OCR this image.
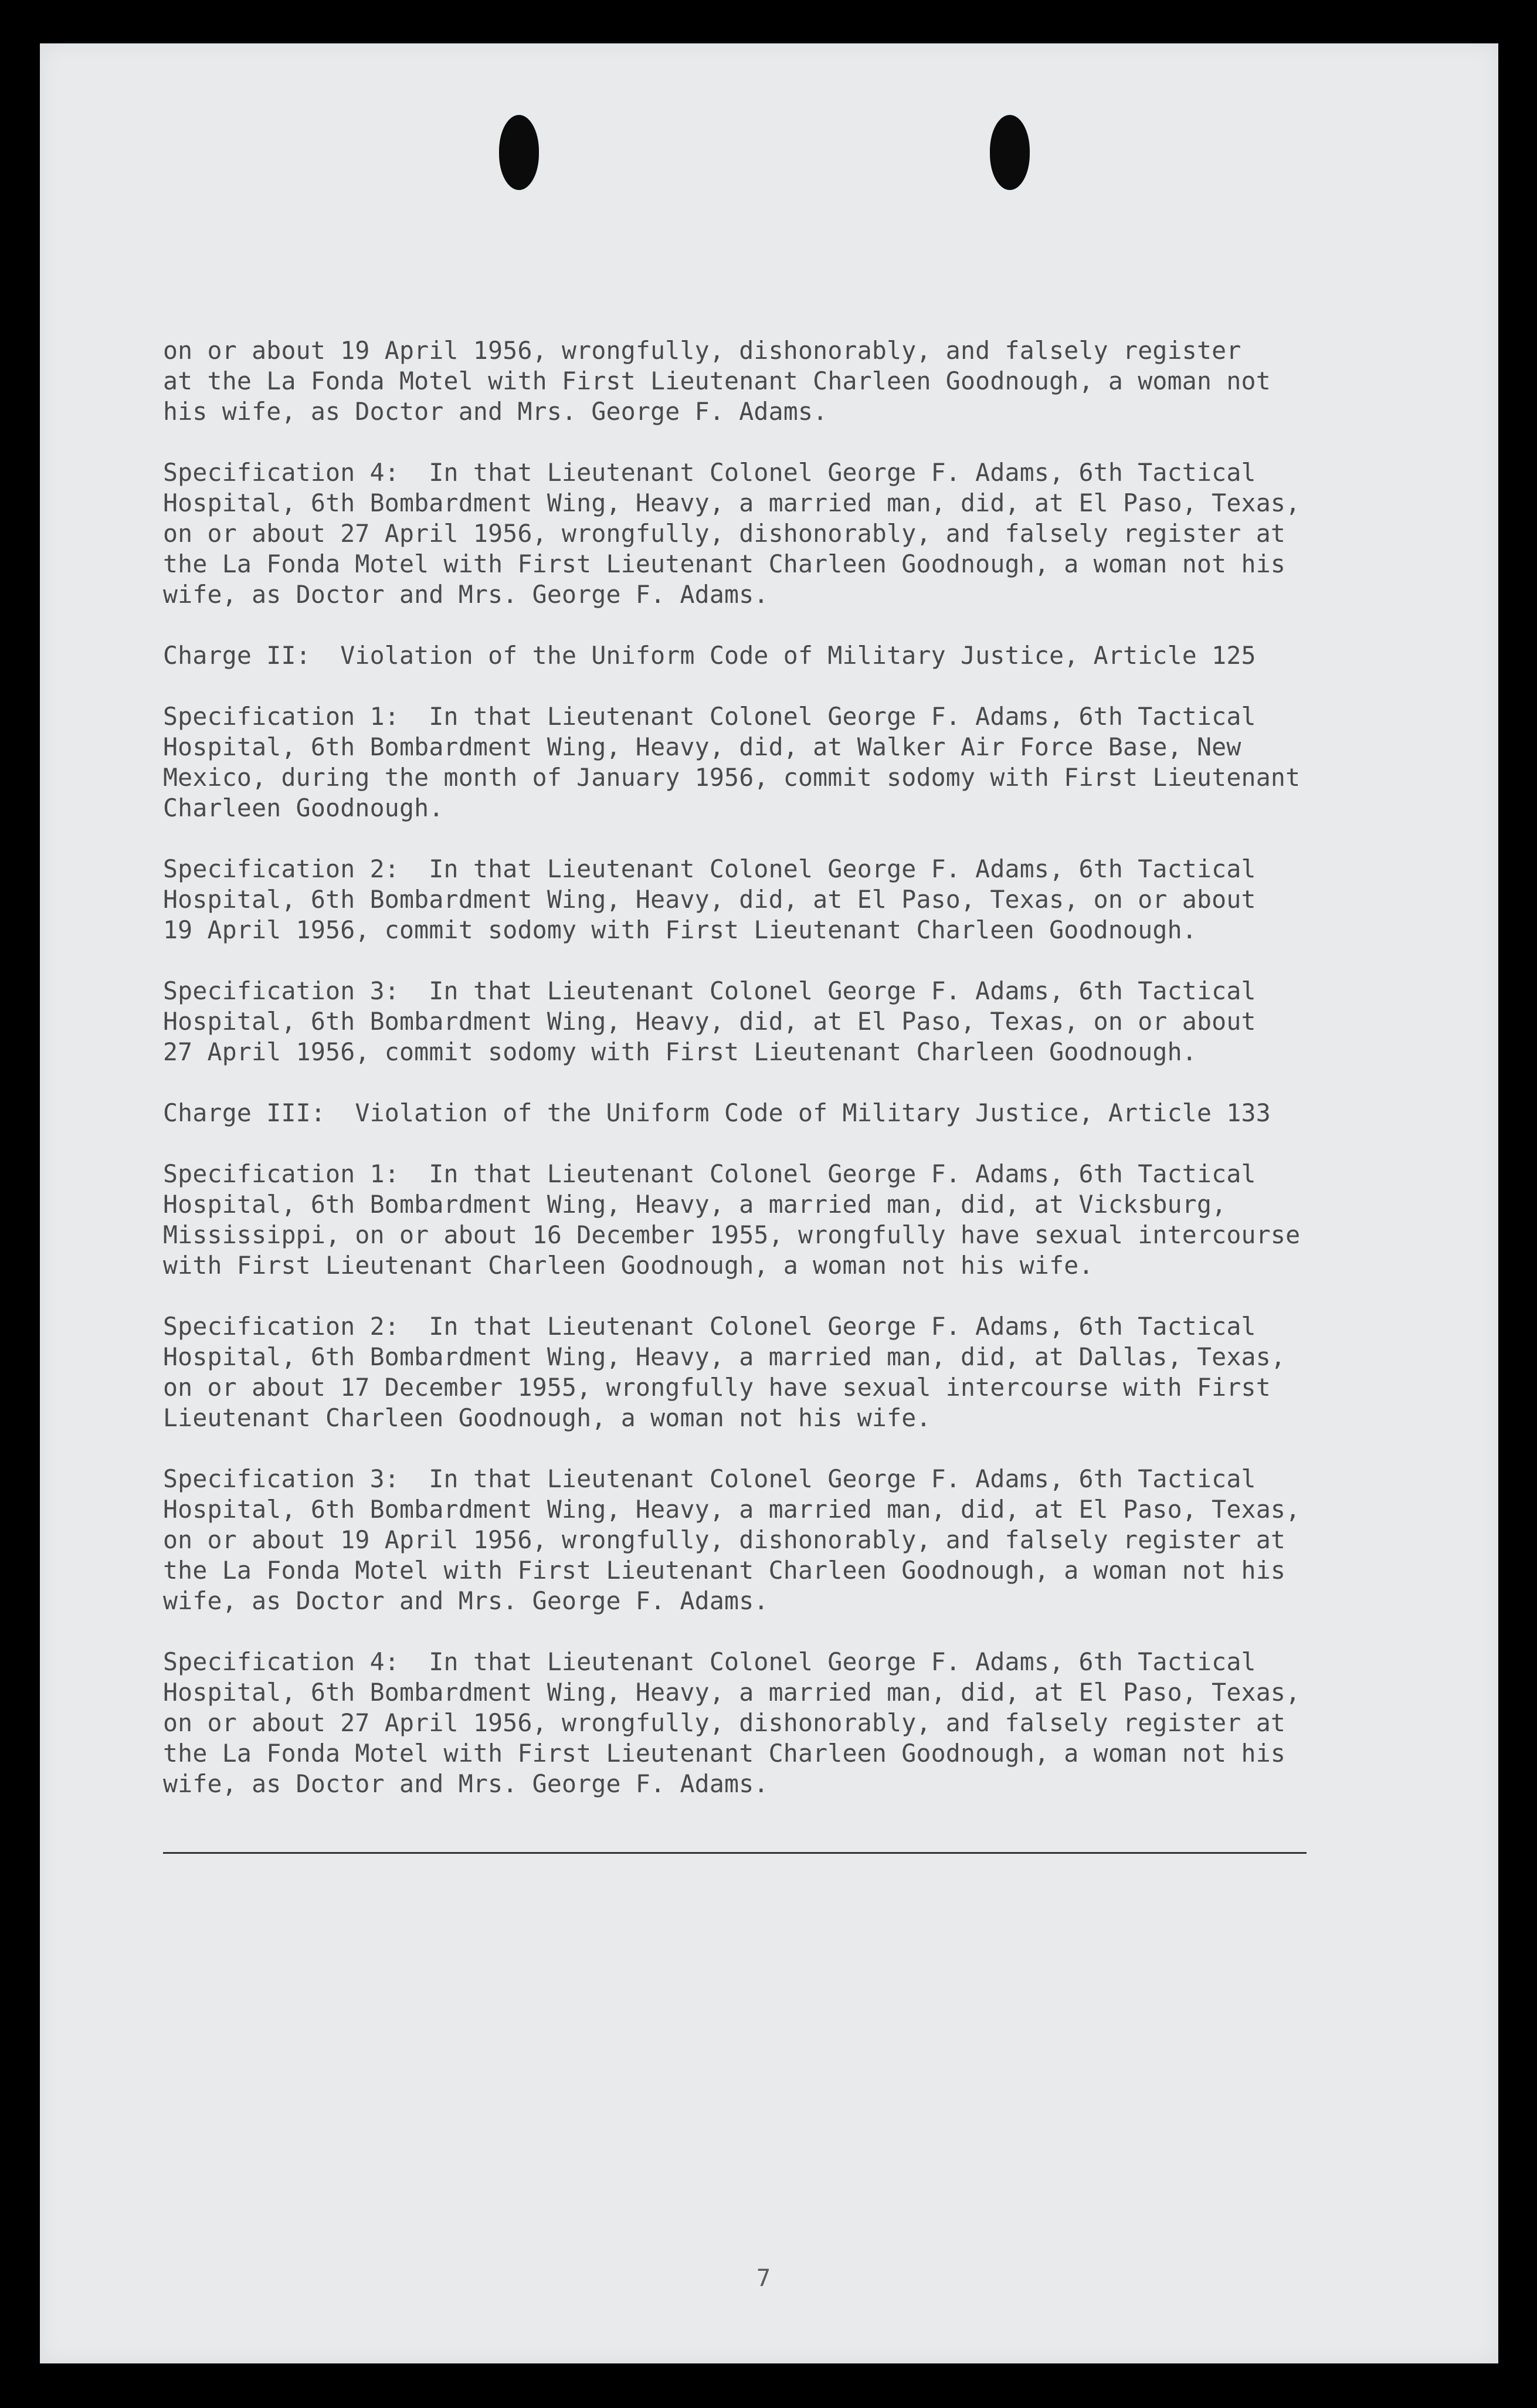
on or about 19 April 1956, wrongfully, dishonorably, and falsely register
at the La Fonda Motel with First Lieutenant Charleen Goodnough, a woman not
his wife, as Doctor and Mrs. George F. Adams.
Specification 4:  In that Lieutenant Colonel George F. Adams, 6th Tactical
Hospital, 6th Bombardment Wing, Heavy, a married man, did, at El Paso, Texas,
on or about 27 April 1956, wrongfully, dishonorably, and falsely register at
the La Fonda Motel with First Lieutenant Charleen Goodnough, a woman not his
wife, as Doctor and Mrs. George F. Adams.
Charge II:  Violation of the Uniform Code of Military Justice, Article 125
Specification 1:  In that Lieutenant Colonel George F. Adams, 6th Tactical
Hospital, 6th Bombardment Wing, Heavy, did, at Walker Air Force Base, New
Mexico, during the month of January 1956, commit sodomy with First Lieutenant
Charleen Goodnough.
Specification 2:  In that Lieutenant Colonel George F. Adams, 6th Tactical
Hospital, 6th Bombardment Wing, Heavy, did, at El Paso, Texas, on or about
19 April 1956, commit sodomy with First Lieutenant Charleen Goodnough.
Specification 3:  In that Lieutenant Colonel George F. Adams, 6th Tactical
Hospital, 6th Bombardment Wing, Heavy, did, at El Paso, Texas, on or about
27 April 1956, commit sodomy with First Lieutenant Charleen Goodnough.
Charge III:  Violation of the Uniform Code of Military Justice, Article 133
Specification 1:  In that Lieutenant Colonel George F. Adams, 6th Tactical
Hospital, 6th Bombardment Wing, Heavy, a married man, did, at Vicksburg,
Mississippi, on or about 16 December 1955, wrongfully have sexual intercourse
with First Lieutenant Charleen Goodnough, a woman not his wife.
Specification 2:  In that Lieutenant Colonel George F. Adams, 6th Tactical
Hospital, 6th Bombardment Wing, Heavy, a married man, did, at Dallas, Texas,
on or about 17 December 1955, wrongfully have sexual intercourse with First
Lieutenant Charleen Goodnough, a woman not his wife.
Specification 3:  In that Lieutenant Colonel George F. Adams, 6th Tactical
Hospital, 6th Bombardment Wing, Heavy, a married man, did, at El Paso, Texas,
on or about 19 April 1956, wrongfully, dishonorably, and falsely register at
the La Fonda Motel with First Lieutenant Charleen Goodnough, a woman not his
wife, as Doctor and Mrs. George F. Adams.
Specification 4:  In that Lieutenant Colonel George F. Adams, 6th Tactical
Hospital, 6th Bombardment Wing, Heavy, a married man, did, at El Paso, Texas,
on or about 27 April 1956, wrongfully, dishonorably, and falsely register at
the La Fonda Motel with First Lieutenant Charleen Goodnough, a woman not his
wife, as Doctor and Mrs. George F. Adams.
7
